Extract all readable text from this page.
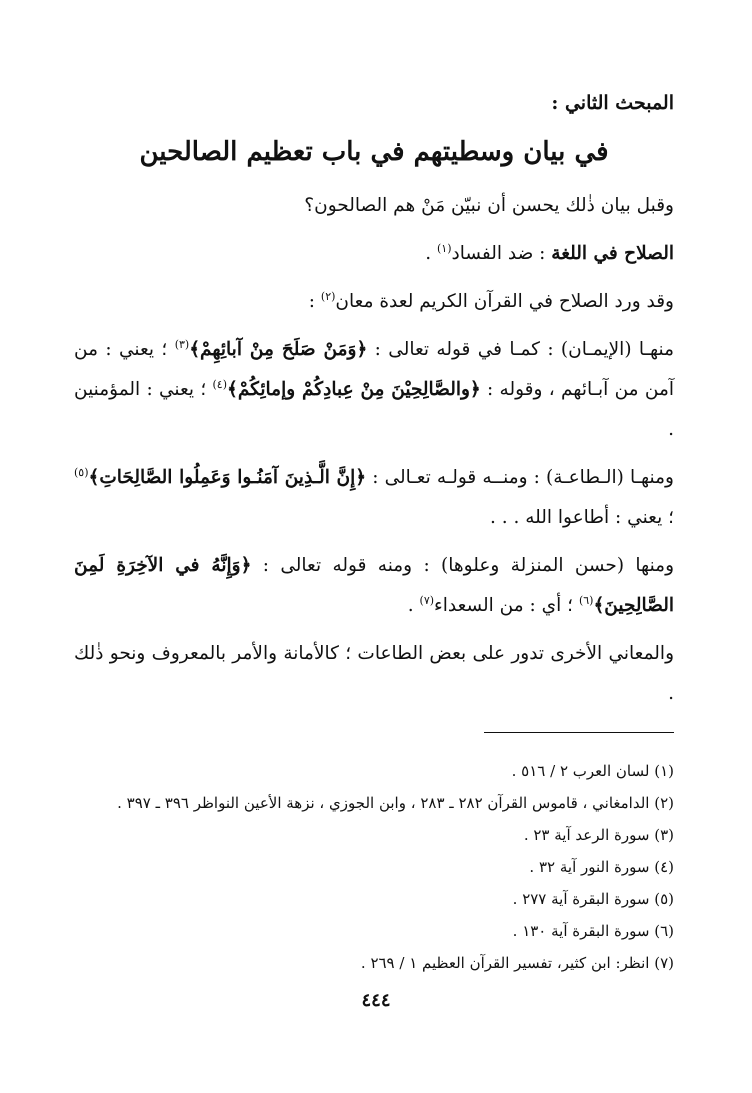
المبحث الثاني :
في بيان وسطيتهم في باب تعظيم الصالحين

وقبل بيان ذٰلك يحسن أن نبيّن مَنْ هم الصالحون؟

الصلاح في اللغة : ضد الفساد$^{(١)}$ .

وقد ورد الصلاح في القرآن الكريم لعدة معان$^{(٢)}$ :

منهـا (الإيمـان) : كمـا في قوله تعالى : ﴿وَمَنْ صَلَحَ مِنْ آبائِهِمْ﴾$^{(٣)}$ ؛ يعني : من آمن من آبـائهم ، وقوله : ﴿والصَّالِحِيْنَ مِنْ عِبادِكُمْ وإمائِكُمْ﴾$^{(٤)}$ ؛ يعني : المؤمنين .

ومنهـا (الـطاعـة) : ومنــه قولـه تعـالى : ﴿إِنَّ الَّـذِينَ آمَنُـوا وَعَمِلُوا الصَّالِحَاتِ﴾$^{(٥)}$ ؛ يعني : أطاعوا الله . . .

ومنها (حسن المنزلة وعلوها) : ومنه قوله تعالى : ﴿وَإِنَّهُ في الآخِرَةِ لَمِنَ الصَّالِحِينَ﴾$^{(٦)}$ ؛ أي : من السعداء$^{(٧)}$ .

والمعاني الأخرى تدور على بعض الطاعات ؛ كالأمانة والأمر بالمعروف ونحو ذٰلك .

(١) لسان العرب ٢ / ٥١٦ .
(٢) الدامغاني ، قاموس القرآن ٢٨٢ ـ ٢٨٣ ، وابن الجوزي ، نزهة الأعين النواظر ٣٩٦ ـ ٣٩٧ .
(٣) سورة الرعد آية ٢٣ .
(٤) سورة النور آية ٣٢ .
(٥) سورة البقرة آية ٢٧٧ .
(٦) سورة البقرة آية ١٣٠ .
(٧) انظر: ابن كثير، تفسير القرآن العظيم ١ / ٢٦٩ .
٤٤٤
